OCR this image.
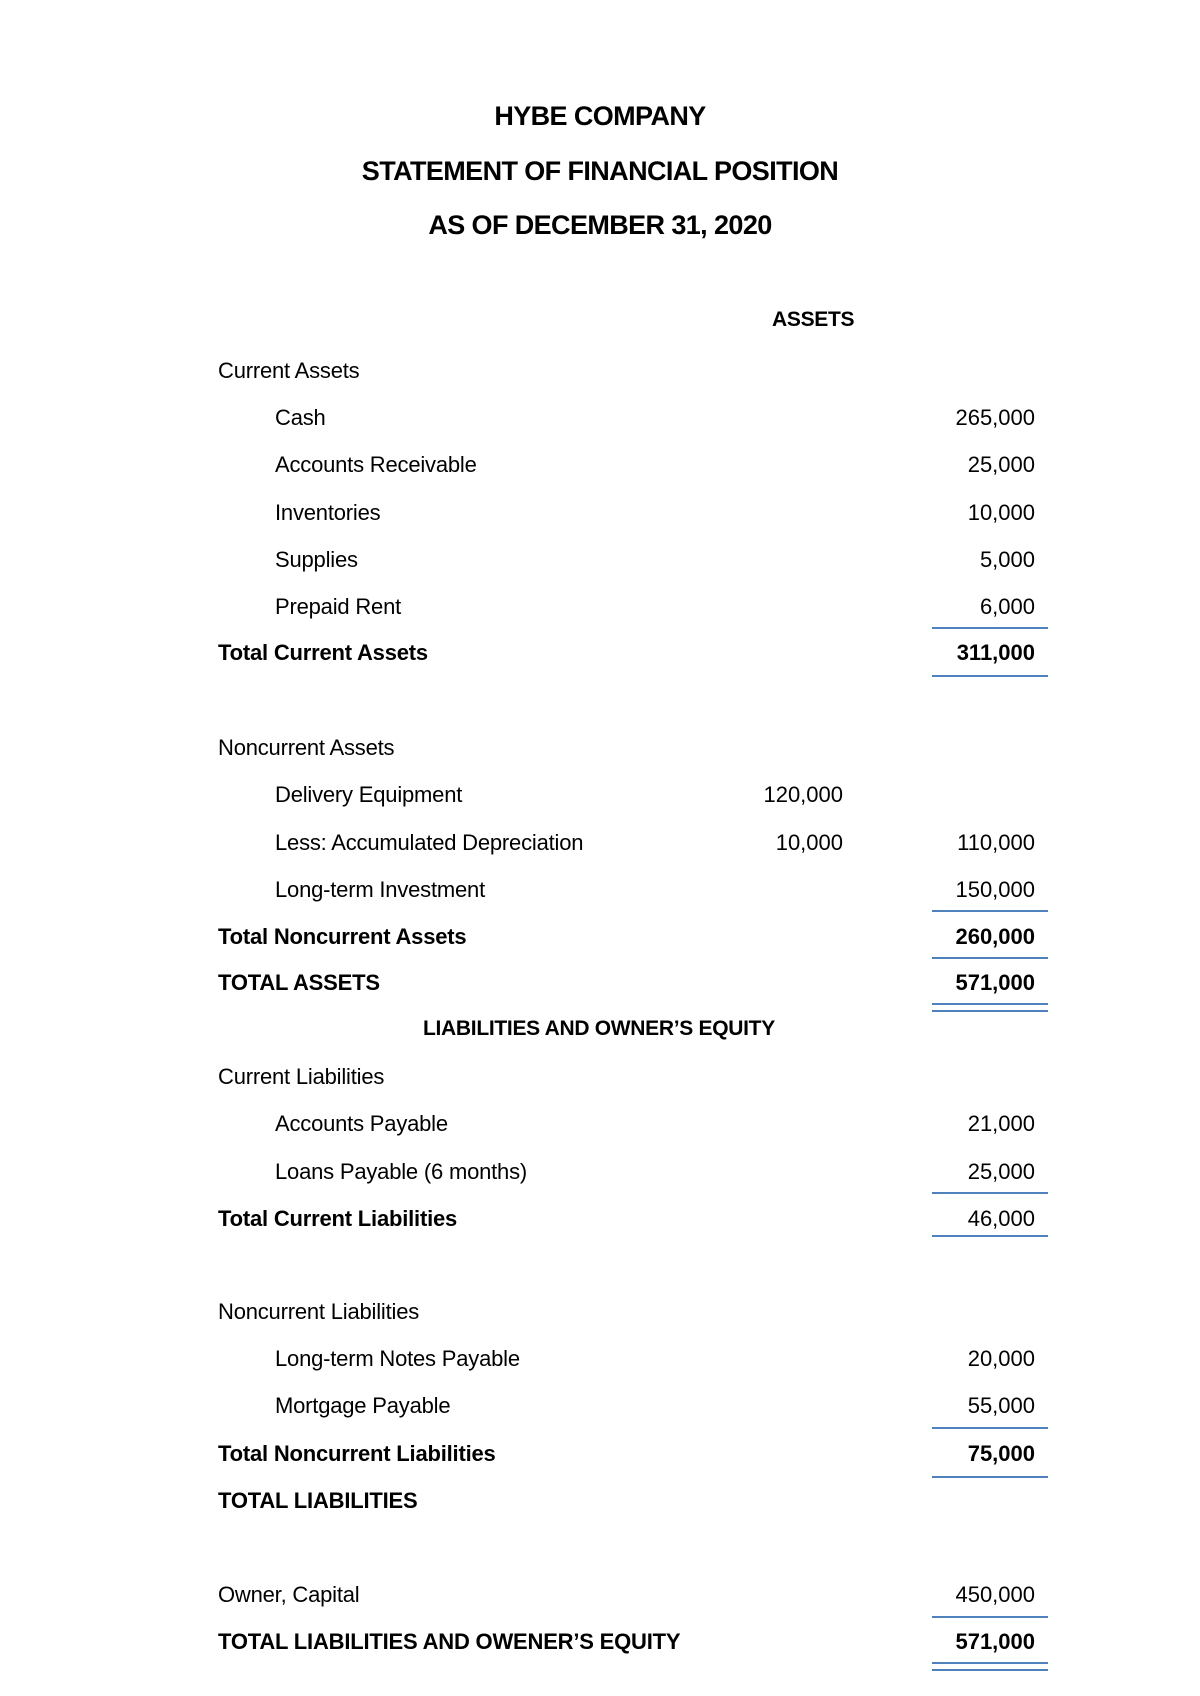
HYBE COMPANY
STATEMENT OF FINANCIAL POSITION
AS OF DECEMBER 31, 2020
ASSETS
Current Assets
Cash	265,000
Accounts Receivable	25,000
Inventories	10,000
Supplies	5,000
Prepaid Rent	6,000
Total Current Assets	311,000
Noncurrent Assets
Delivery Equipment	120,000
Less: Accumulated Depreciation	10,000	110,000
Long-term Investment	150,000
Total Noncurrent Assets	260,000
TOTAL ASSETS	571,000
LIABILITIES AND OWNER’S EQUITY
Current Liabilities
Accounts Payable	21,000
Loans Payable (6 months)	25,000
Total Current Liabilities	46,000
Noncurrent Liabilities
Long-term Notes Payable	20,000
Mortgage Payable	55,000
Total Noncurrent Liabilities	75,000
TOTAL LIABILITIES
Owner, Capital	450,000
TOTAL LIABILITIES AND OWENER’S EQUITY	571,000
